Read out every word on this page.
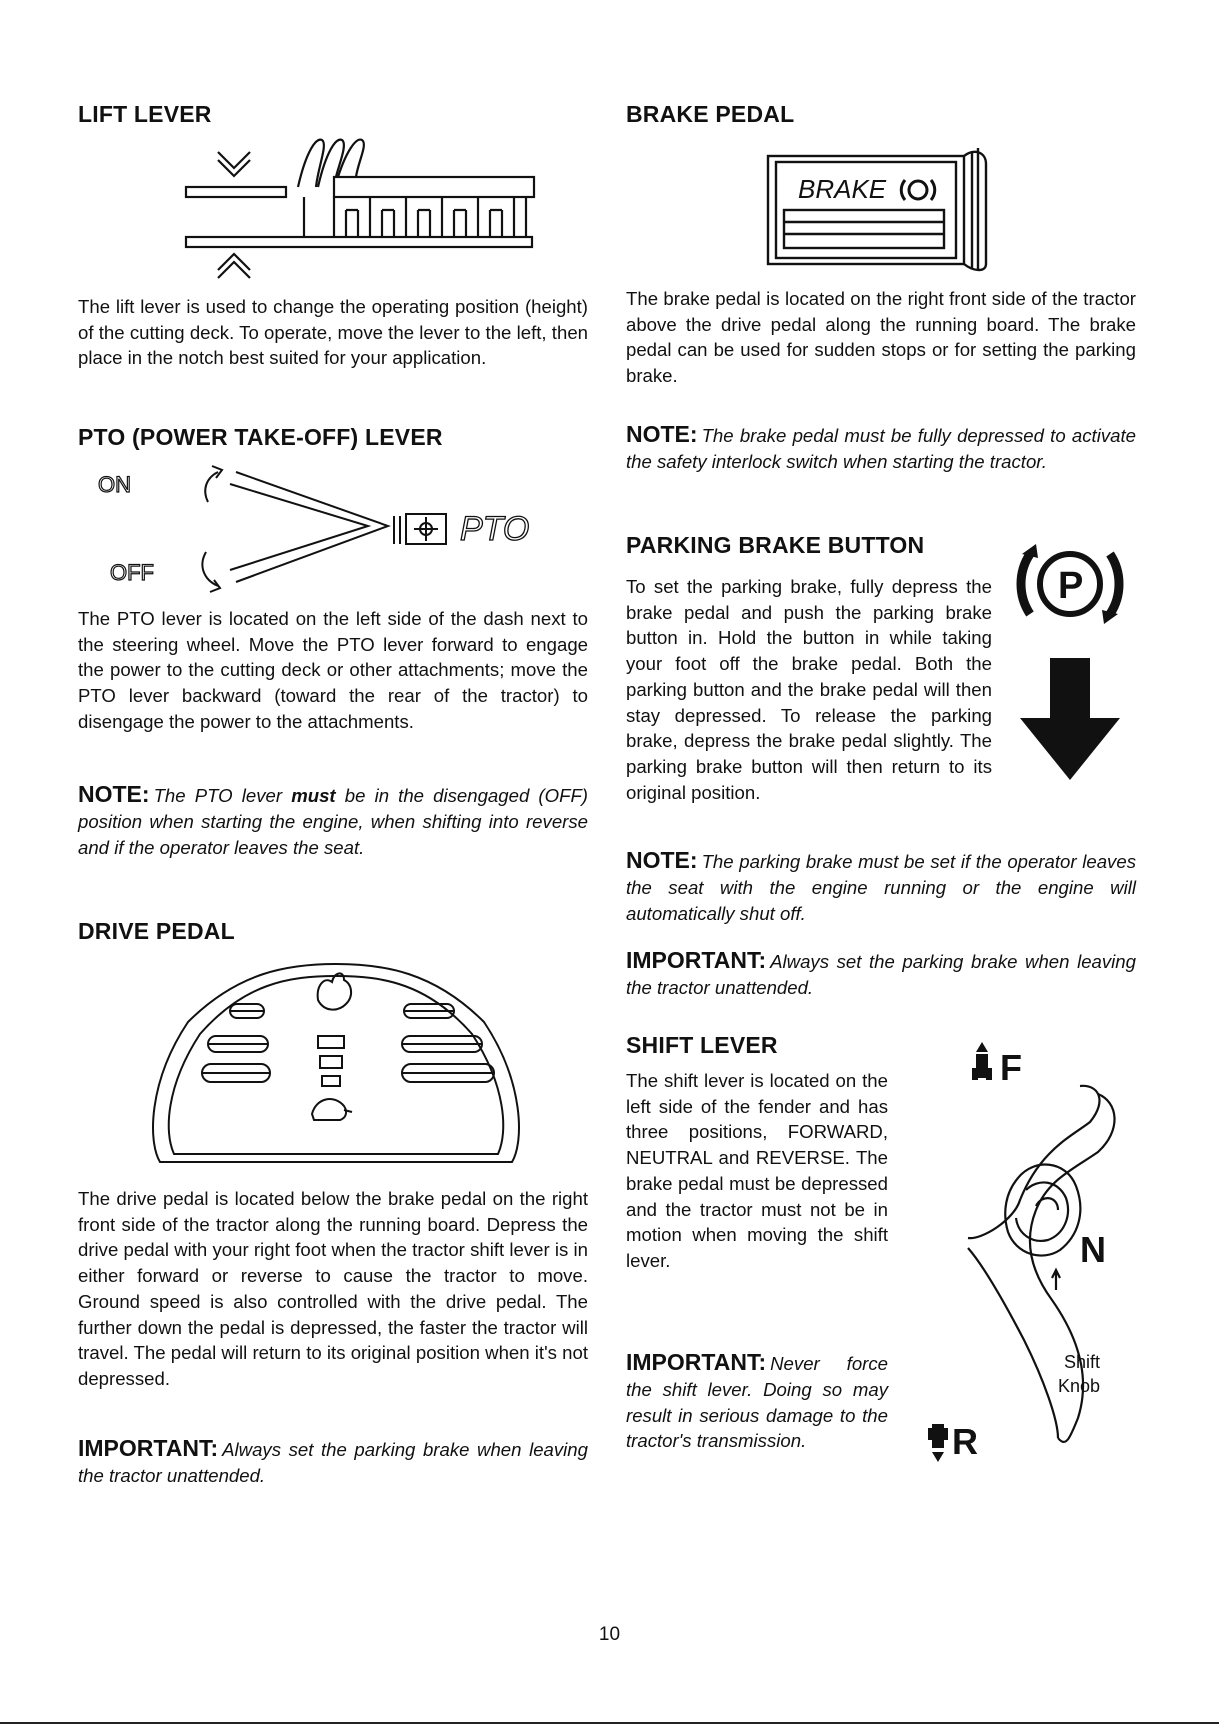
LIFT LEVER

The lift lever is used to change the operating position (height) of the cutting deck. To operate, move the lever to the left, then place in the notch best suited for your application.

PTO (POWER TAKE-OFF) LEVER
ON
OFF
PTO

The PTO lever is located on the left side of the dash next to the steering wheel. Move the PTO lever forward to engage the power to the cutting deck or other attachments; move the PTO lever backward (toward the rear of the tractor) to disengage the power to the attachments.

NOTE: The PTO lever must be in the disengaged (OFF) position when starting the engine, when shifting into reverse and if the operator leaves the seat.

DRIVE PEDAL

The drive pedal is located below the brake pedal on the right front side of the tractor along the running board. Depress the drive pedal with your right foot when the tractor shift lever is in either forward or reverse to cause the tractor to move. Ground speed is also controlled with the drive pedal. The further down the pedal is depressed, the faster the tractor will travel. The pedal will return to its original position when it's not depressed.

IMPORTANT: Always set the parking brake when leaving the tractor unattended.

BRAKE PEDAL
BRAKE

The brake pedal is located on the right front side of the tractor above the drive pedal along the running board. The brake pedal can be used for sudden stops or for setting the parking brake.

NOTE: The brake pedal must be fully depressed to activate the safety interlock switch when starting the tractor.

PARKING BRAKE BUTTON
P

To set the parking brake, fully depress the brake pedal and push the parking brake button in. Hold the button in while taking your foot off the brake pedal. Both the parking button and the brake pedal will then stay depressed. To release the parking brake, depress the brake pedal slightly. The parking brake button will then return to its original position.

NOTE: The parking brake must be set if the operator leaves the seat with the engine running or the engine will automatically shut off.

IMPORTANT: Always set the parking brake when leaving the tractor unattended.

SHIFT LEVER

The shift lever is located on the left side of the fender and has three positions, FORWARD, NEUTRAL and REVERSE. The brake pedal must be depressed and the tractor must not be in motion when moving the shift lever.

IMPORTANT: Never force the shift lever. Doing so may result in serious damage to the tractor's transmission.

F
N
Shift Knob
R
10
